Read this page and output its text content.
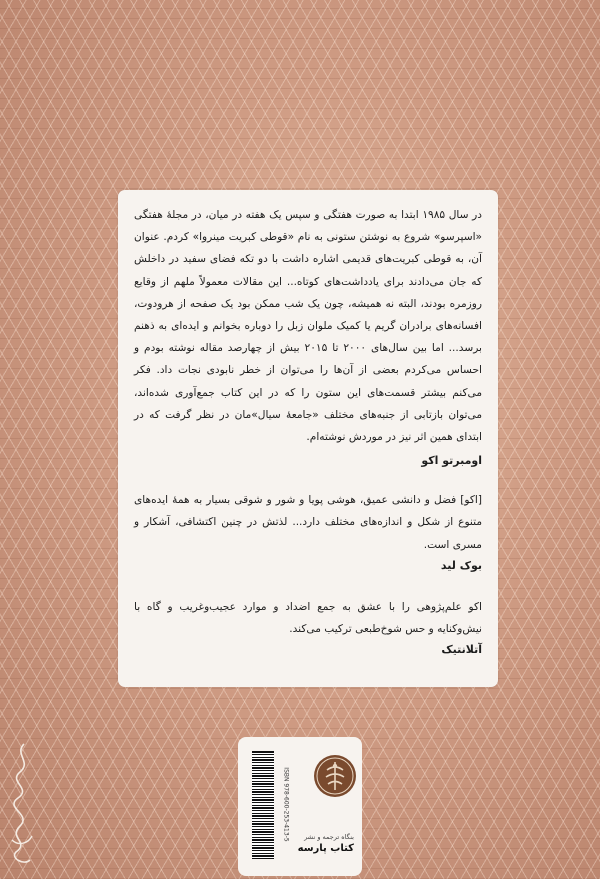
در سال ۱۹۸۵ ابتدا به صورت هفتگی و سپس یک هفته در میان، در مجلهٔ هفتگی «اسپرسو» شروع به نوشتن ستونی به نام «قوطی کبریت مینروا» کردم. عنوان آن، به قوطی کبریت‌های قدیمی اشاره داشت با دو تکه فضای سفید در داخلش که جان می‌دادند برای یادداشت‌های کوتاه... این مقالات معمولاً ملهم از وقایع روزمره بودند، البته نه همیشه، چون یک شب ممکن بود یک صفحه از هرودوت، افسانه‌های برادران گریم یا کمیک ملوان زبل را دوباره بخوانم و ایده‌ای به ذهنم برسد... اما بین سال‌های ۲۰۰۰ تا ۲۰۱۵ بیش از چهارصد مقاله نوشته بودم و احساس می‌کردم بعضی از آن‌ها را می‌توان از خطر نابودی نجات داد. فکر می‌کنم بیشتر قسمت‌های این ستون را که در این کتاب جمع‌آوری شده‌اند، می‌توان بازتابی از جنبه‌های مختلف «جامعهٔ سیال»مان در نظر گرفت که در ابتدای همین اثر نیز در موردش نوشته‌ام.

اومبرتو اکو

[اکو] فضل و دانشی عمیق، هوشی پویا و شور و شوقی بسیار به همهٔ ایده‌های متنوع از شکل و اندازه‌های مختلف دارد... لذتش در چنین اکتشافی، آشکار و مسری است.

بوک لید

اکو علم‌پژوهی را با عشق به جمع اضداد و موارد عجیب‌وغریب و گاه با نیش‌وکنایه و حس شوخ‌طبعی ترکیب می‌کند.

آتلانتیک

ISBN 978-600-253-413-5 بنگاه ترجمه و نشر
کتاب پارسه
